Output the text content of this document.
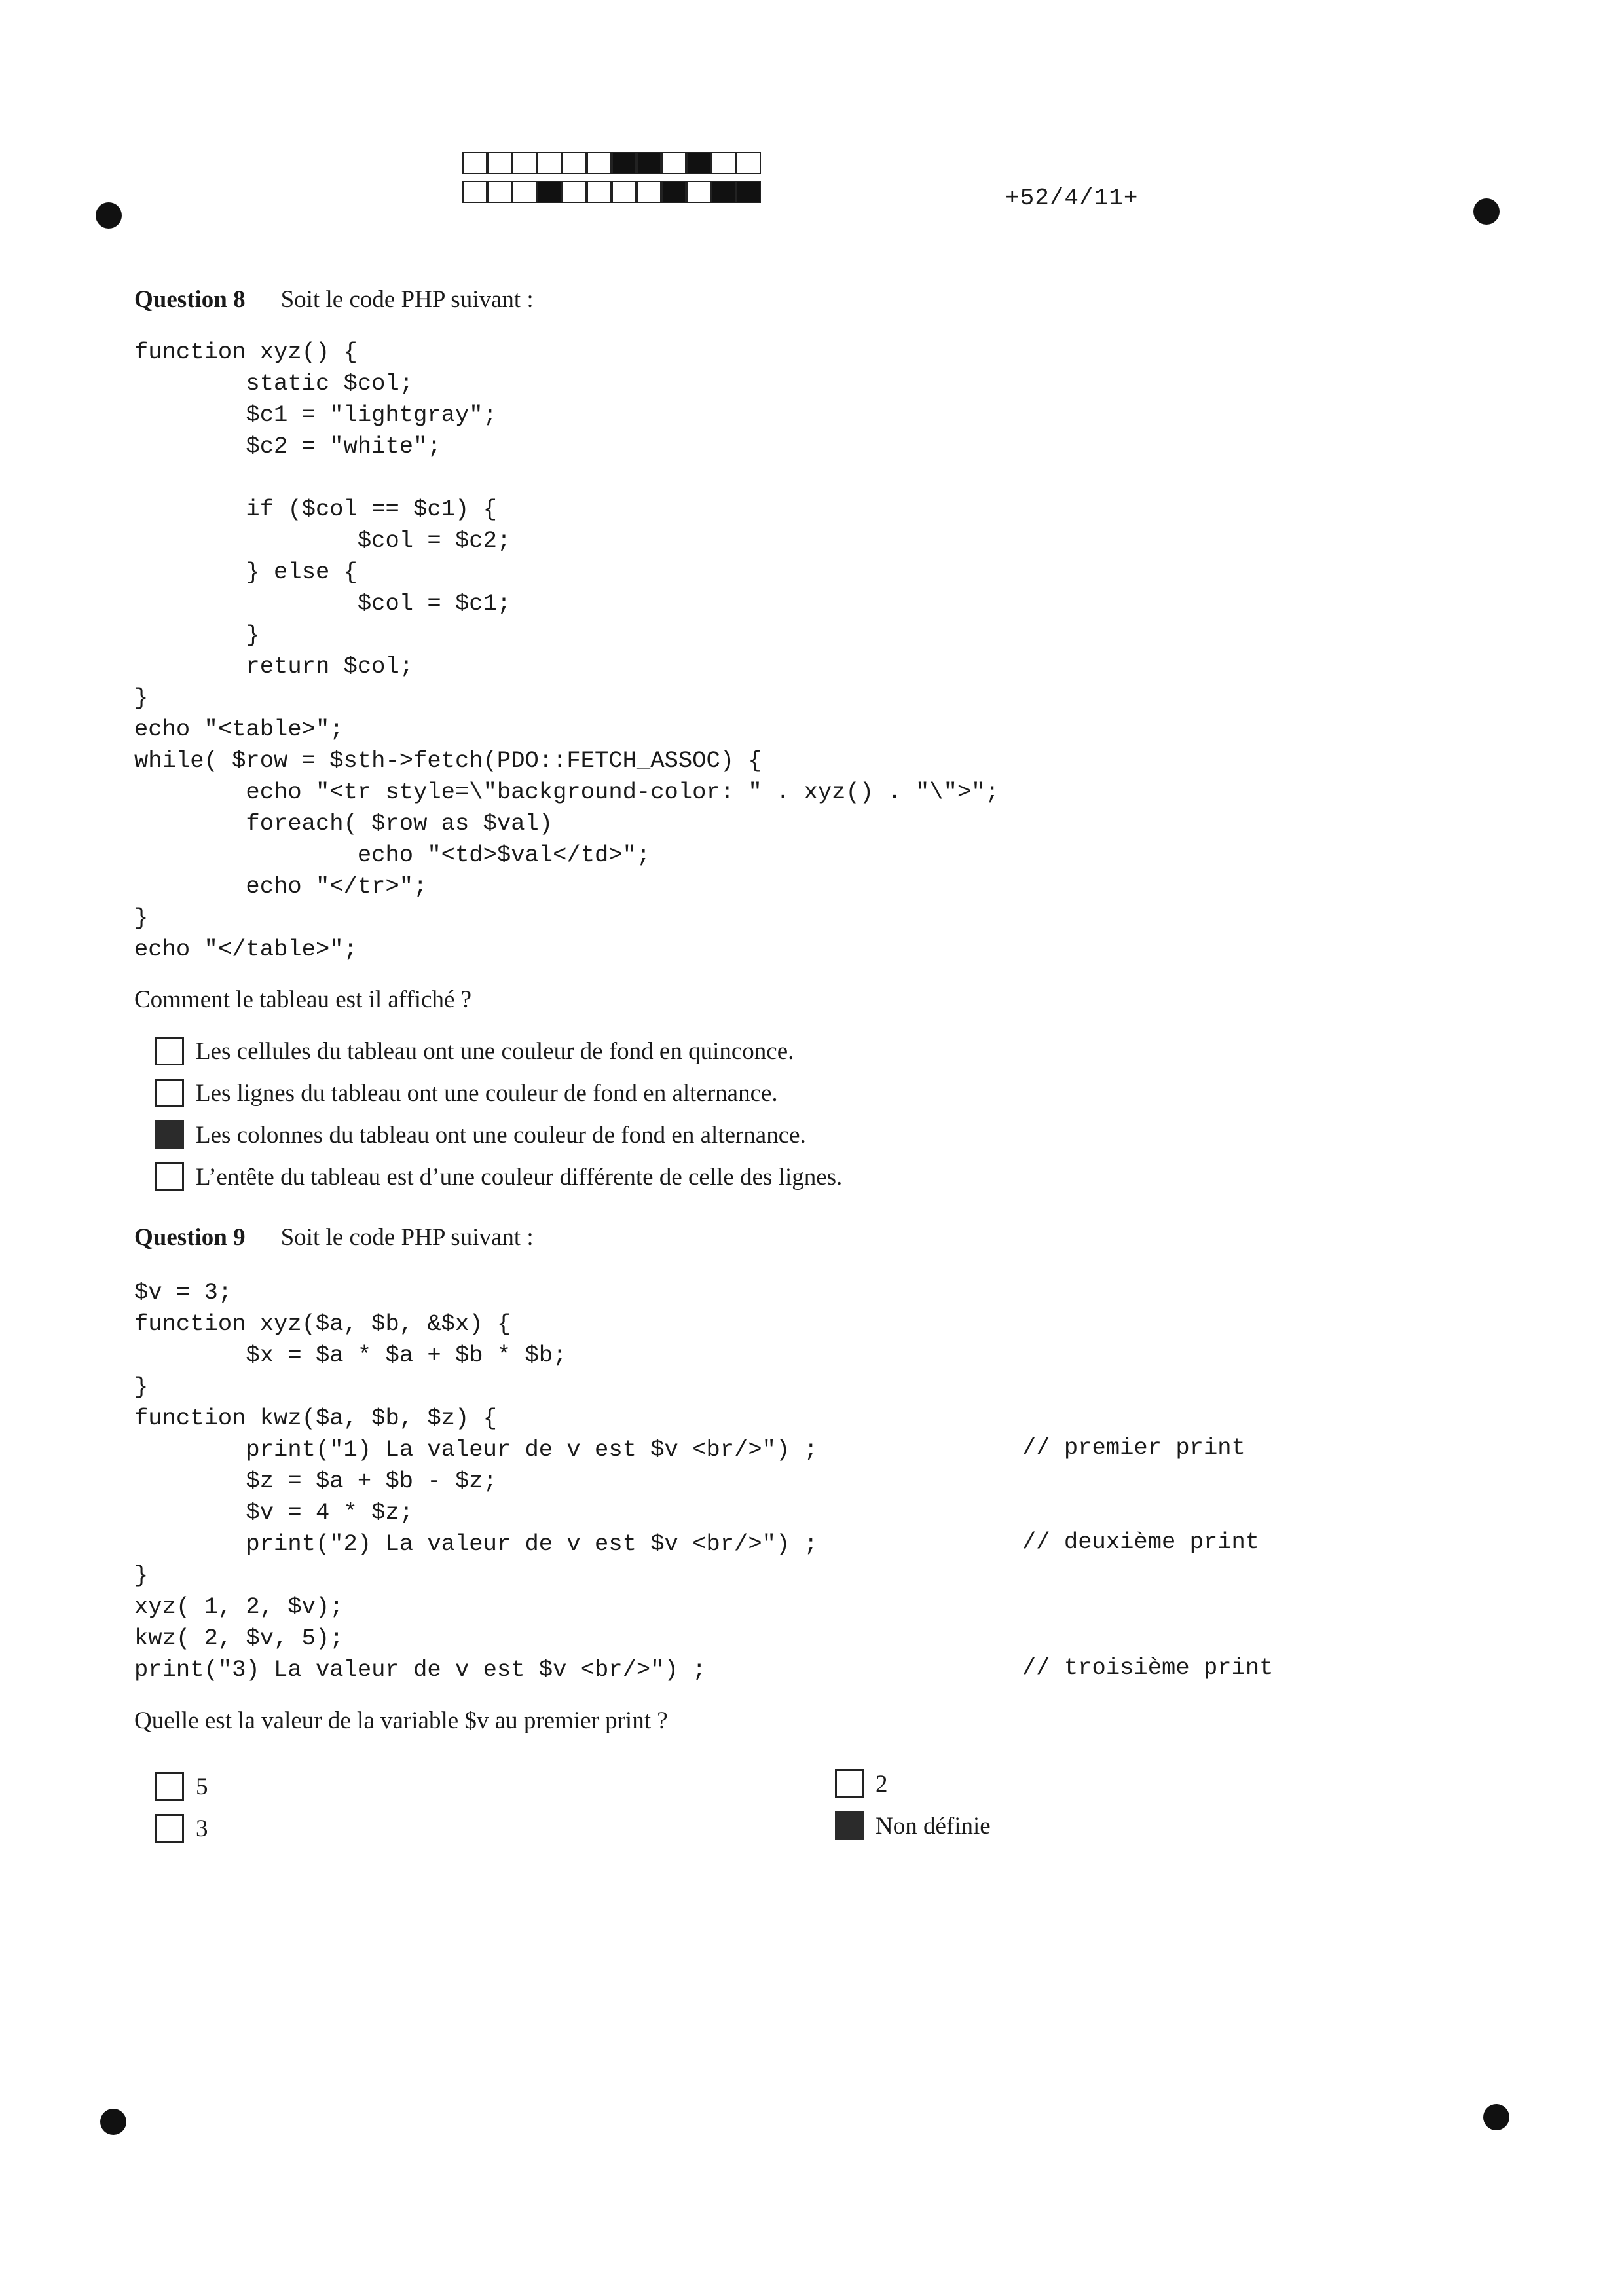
+52/4/11+
Question 8 Soit le code PHP suivant :
function xyz() {
static $col;
$c1 = "lightgray";
$c2 = "white";
if ($col == $c1) {
$col = $c2;
} else {
$col = $c1;
}
return $col;
}
echo "<table>";
while( $row = $sth->fetch(PDO::FETCH_ASSOC) {
echo "<tr style=\"background-color: " . xyz() . "\">";
foreach( $row as $val)
echo "<td>$val</td>";
echo "</tr>";
}
echo "</table>";
Comment le tableau est il affiché ?
Les cellules du tableau ont une couleur de fond en quinconce.
Les lignes du tableau ont une couleur de fond en alternance.
Les colonnes du tableau ont une couleur de fond en alternance.
L’entête du tableau est d’une couleur différente de celle des lignes.
Question 9 Soit le code PHP suivant :
$v = 3;
function xyz($a, $b, &$x) {
$x = $a * $a + $b * $b;
}
function kwz($a, $b, $z) {
print("1) La valeur de v est $v <br/>") ;
$z = $a + $b - $z;
$v = 4 * $z;
print("2) La valeur de v est $v <br/>") ;
}
xyz( 1, 2, $v);
kwz( 2, $v, 5);
print("3) La valeur de v est $v <br/>") ;
// premier print
// deuxième print
// troisième print
Quelle est la valeur de la variable $v au premier print ?
5
3
2
Non définie
